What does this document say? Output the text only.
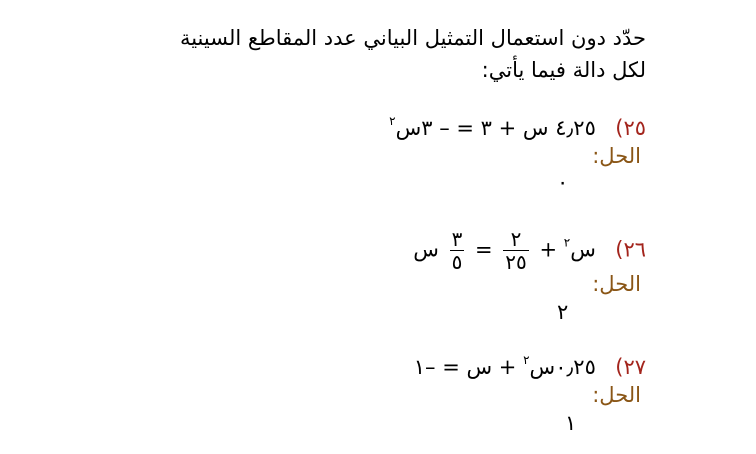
حدّد دون استعمال التمثيل البياني عدد المقاطع السينية
لكل دالة فيما يأتي:
٢٥)  ٤٫٢٥ س + ٣ = – ٣س$^٢$
الحل:
٠
٢٦)  س$^٢$ +
$\frac{٢}{٢٥}$
=
$\frac{٣}{٥}$
س
الحل:
٢
٢٧)  ٠٫٢٥س$^٢$ + س = –١
الحل:
١
